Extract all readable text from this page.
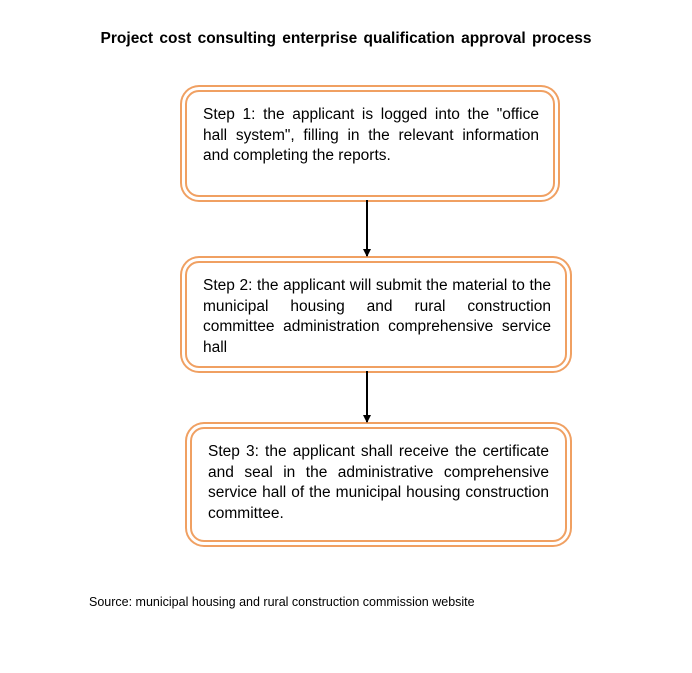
Project cost consulting enterprise qualification approval process
Step 1: the applicant is logged into the "office hall system", filling in the relevant information and completing the reports.
Step 2: the applicant will submit the material to the municipal housing and rural construction committee administration comprehensive service hall
Step 3: the applicant shall receive the certificate and seal in the administrative comprehensive service hall of the municipal housing construction committee.
Source: municipal housing and rural construction commission website
